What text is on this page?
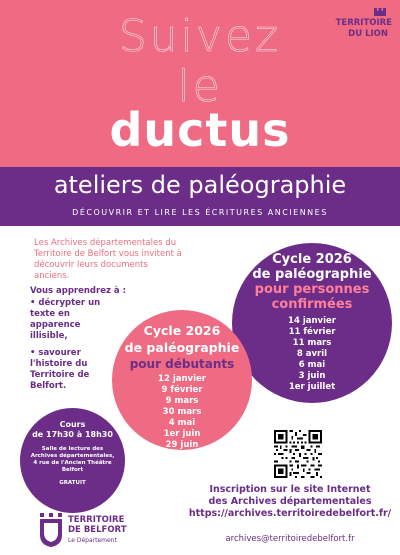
Suivez
le
ductus
TERRITOIRE
DU LION
ateliers de paléographie
DÉCOUVRIR ET LIRE LES ÉCRITURES ANCIENNES
Les Archives départementales du Territoire de Belfort vous invitent à découvrir leurs documents anciens.
Vous apprendrez à :
• décrypter un texte en apparence illisible,
• savourer l'histoire du Territoire de Belfort.
Cycle 2026
de paléographie
pour personnes
confirmées
14 janvier
11 février
11 mars
8 avril
6 mai
3 juin
1er juillet
Cycle 2026
de paléographie
pour débutants
12 janvier
9 février
9 mars
30 mars
4 mai
1er juin
29 juin
Cours
de 17h30 à 18h30
Salle de lecture des
Archives départementales,
4 rue de l'Ancien Théâtre
Belfort
GRATUIT
Inscription sur le site Internet
des Archives départementales
https://archives.territoiredebelfort.fr/
archives@territoiredebelfort.fr
TERRITOIRE
DE BELFORT
Le Département
